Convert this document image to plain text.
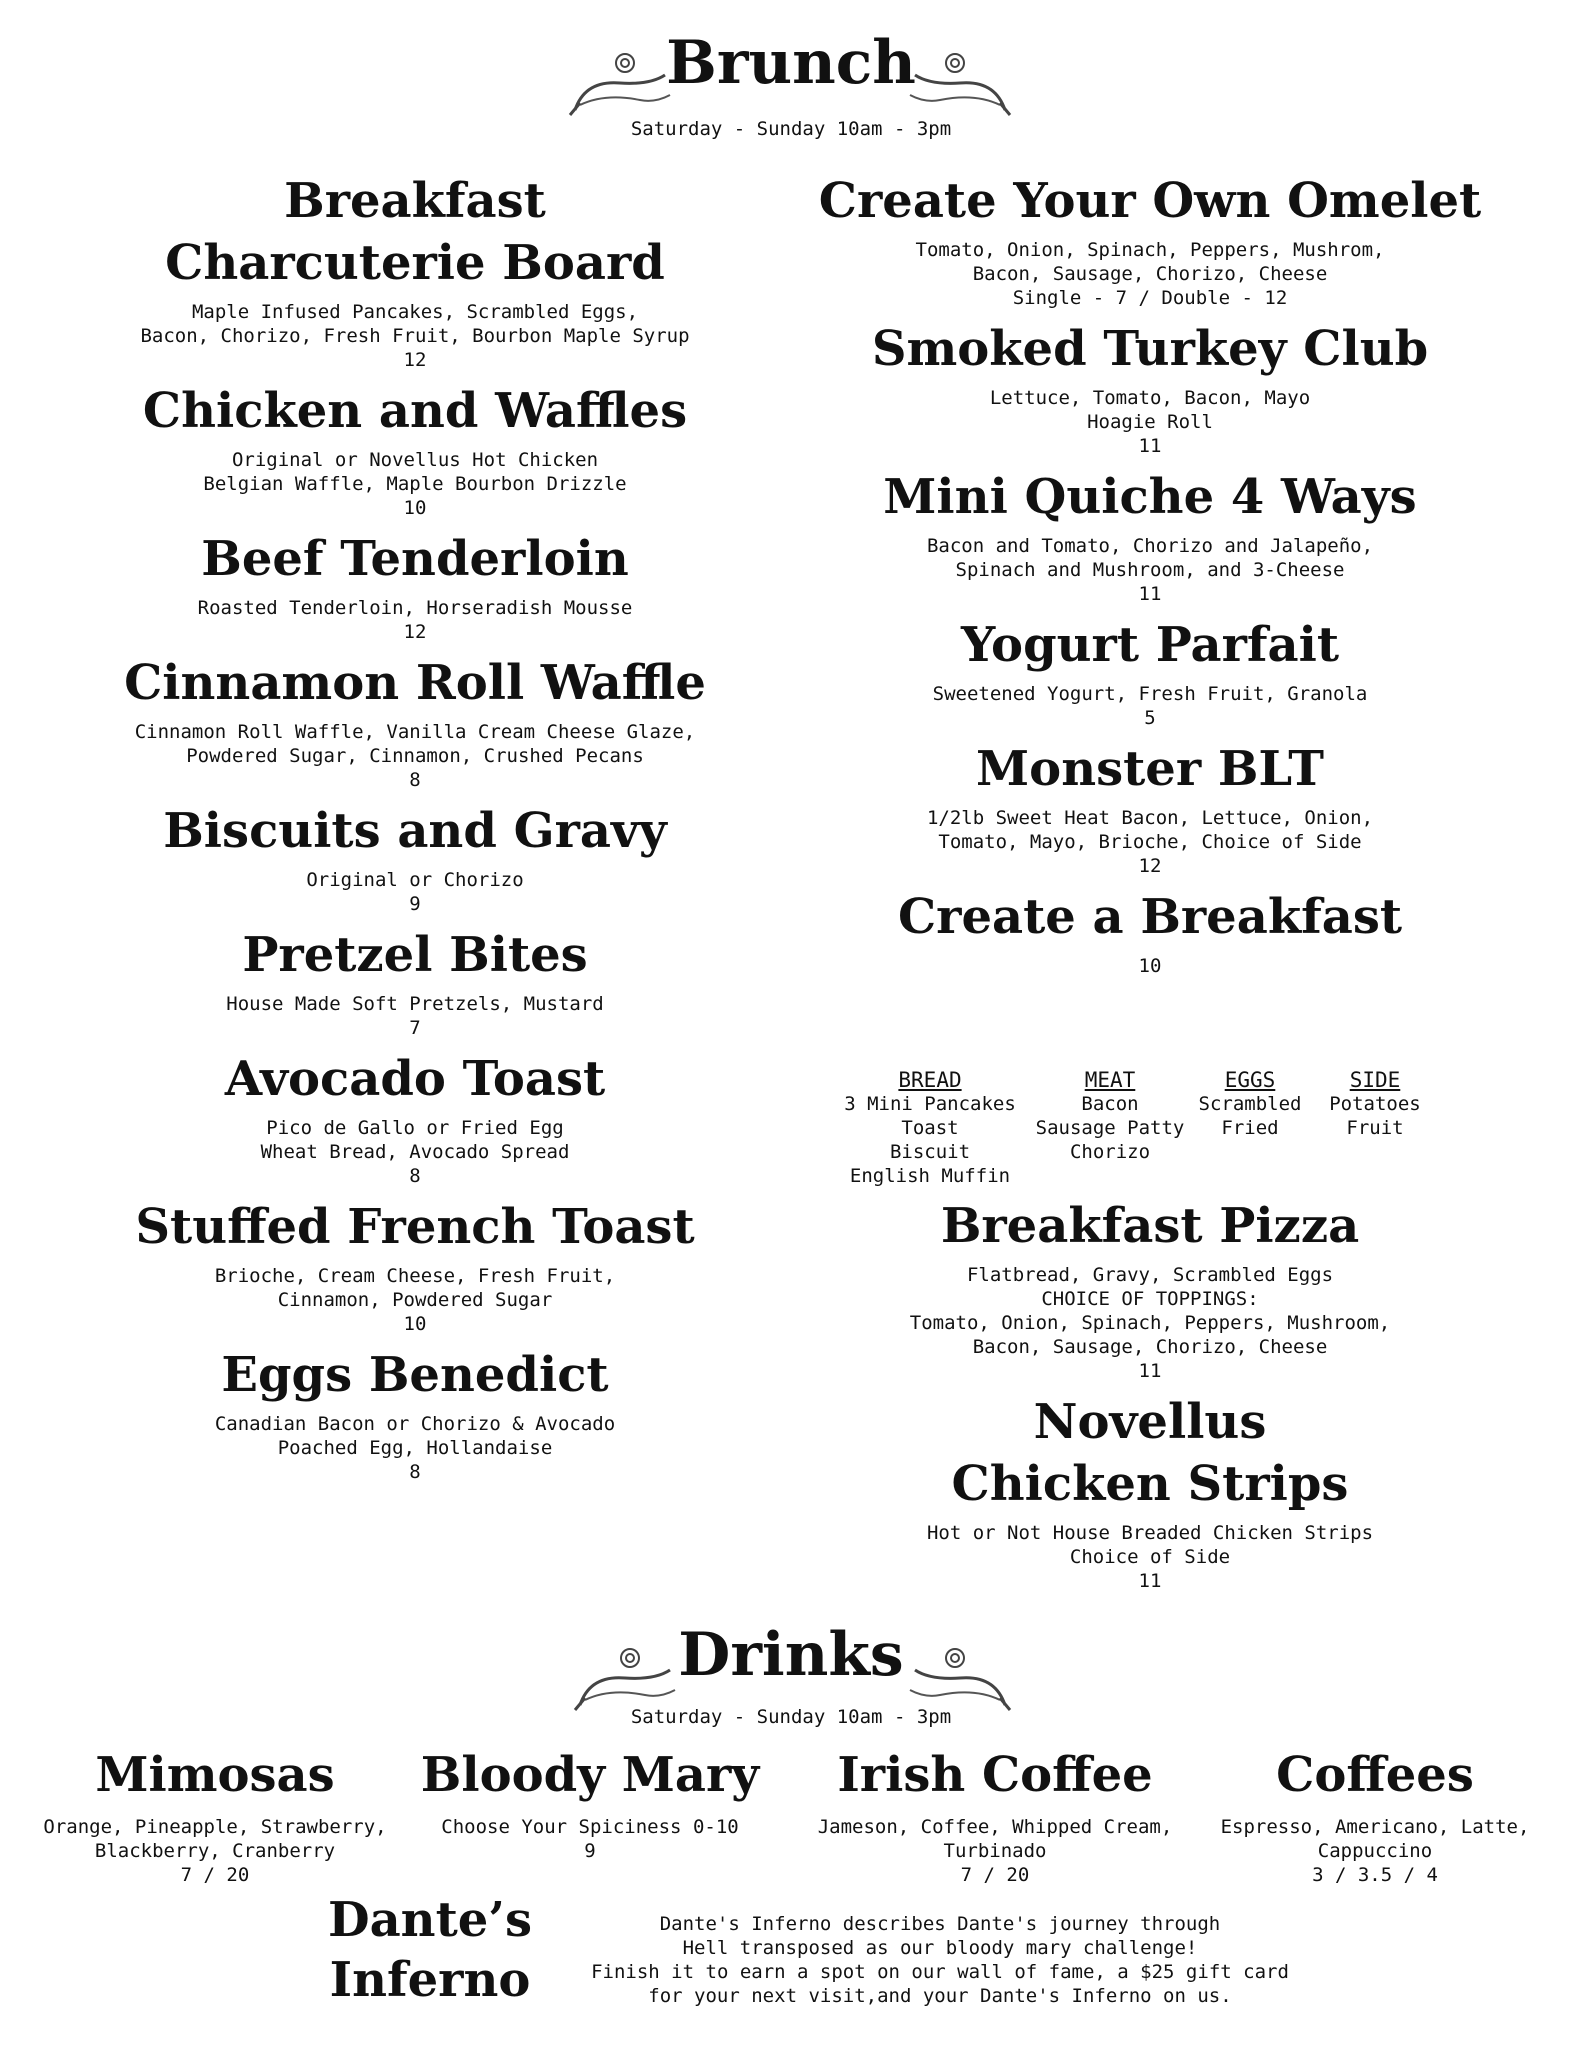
Brunch
Saturday - Sunday 10am - 3pm
Breakfast
Charcuterie Board
Maple Infused Pancakes, Scrambled Eggs,
Bacon, Chorizo, Fresh Fruit, Bourbon Maple Syrup
12
Chicken and Waffles
Original or Novellus Hot Chicken
Belgian Waffle, Maple Bourbon Drizzle
10
Beef Tenderloin
Roasted Tenderloin, Horseradish Mousse
12
Cinnamon Roll Waffle
Cinnamon Roll Waffle, Vanilla Cream Cheese Glaze,
Powdered Sugar, Cinnamon, Crushed Pecans
8
Biscuits and Gravy
Original or Chorizo
9
Pretzel Bites
House Made Soft Pretzels, Mustard
7
Avocado Toast
Pico de Gallo or Fried Egg
Wheat Bread, Avocado Spread
8
Stuffed French Toast
Brioche, Cream Cheese, Fresh Fruit,
Cinnamon, Powdered Sugar
10
Eggs Benedict
Canadian Bacon or Chorizo & Avocado
Poached Egg, Hollandaise
8
Create Your Own Omelet
Tomato, Onion, Spinach, Peppers, Mushrom,
Bacon, Sausage, Chorizo, Cheese
Single - 7 / Double - 12
Smoked Turkey Club
Lettuce, Tomato, Bacon, Mayo
Hoagie Roll
11
Mini Quiche 4 Ways
Bacon and Tomato, Chorizo and Jalapeño,
Spinach and Mushroom, and 3-Cheese
11
Yogurt Parfait
Sweetened Yogurt, Fresh Fruit, Granola
5
Monster BLT
1/2lb Sweet Heat Bacon, Lettuce, Onion,
Tomato, Mayo, Brioche, Choice of Side
12
Create a Breakfast
10
BREAD
3 Mini Pancakes
Toast
Biscuit
English Muffin
MEAT
Bacon
Sausage Patty
Chorizo
EGGS
Scrambled
Fried
SIDE
Potatoes
Fruit
Breakfast Pizza
Flatbread, Gravy, Scrambled Eggs
CHOICE OF TOPPINGS:
Tomato, Onion, Spinach, Peppers, Mushroom,
Bacon, Sausage, Chorizo, Cheese
11
Novellus
Chicken Strips
Hot or Not House Breaded Chicken Strips
Choice of Side
11
Drinks
Saturday - Sunday 10am - 3pm
Mimosas
Orange, Pineapple, Strawberry,
Blackberry, Cranberry
7 / 20
Bloody Mary
Choose Your Spiciness 0-10
9
Irish Coffee
Jameson, Coffee, Whipped Cream,
Turbinado
7 / 20
Coffees
Espresso, Americano, Latte,
Cappuccino
3 / 3.5 / 4
Dante’s
Inferno
Dante's Inferno describes Dante's journey through
Hell transposed as our bloody mary challenge!
Finish it to earn a spot on our wall of fame, a $25 gift card
for your next visit,and your Dante's Inferno on us.
